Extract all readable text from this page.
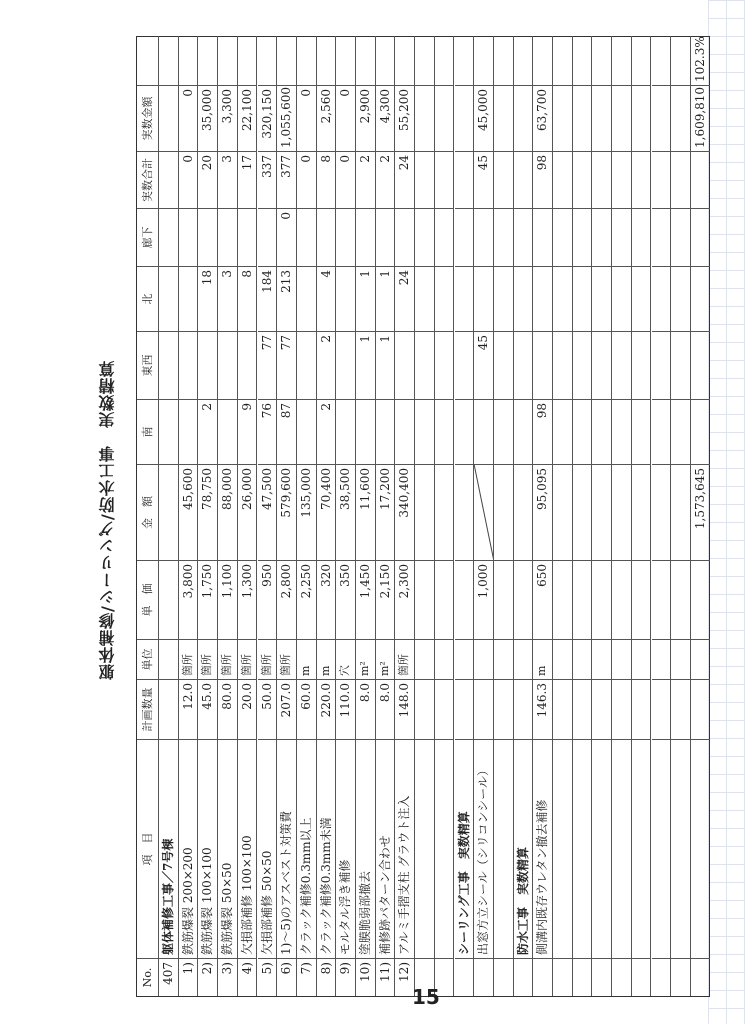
躯体補修/シーリング/防水工事　実数精算
No.
項　目
計画数量
単位
単　価
金　額
南
東西
北
廊下
実数合計
実数金額
407
躯体補修工事／7号棟
1)
鉄筋爆裂 200×200
12.0
箇所
3,800
45,600
0
0
2)
鉄筋爆裂 100×100
45.0
箇所
1,750
78,750
2
18
20
35,000
3)
鉄筋爆裂 50×50
80.0
箇所
1,100
88,000
3
3
3,300
4)
欠損部補修 100×100
20.0
箇所
1,300
26,000
9
8
17
22,100
5)
欠損部補修 50×50
50.0
箇所
950
47,500
76
77
184
337
320,150
6)
1)～5)のアスベスト対策費
207.0
箇所
2,800
579,600
87
77
213
0
377
1,055,600
7)
クラック補修0.3mm以上
60.0
m
2,250
135,000
0
0
8)
クラック補修0.3mm未満
220.0
m
320
70,400
2
2
4
8
2,560
9)
モルタル浮き補修
110.0
穴
350
38,500
0
0
10)
塗膜脆弱部撤去
8.0
m²
1,450
11,600
1
1
2
2,900
11)
補修跡パターン合わせ
8.0
m²
2,150
17,200
1
1
2
4,300
12)
アルミ手摺支柱 グラウト注入
148.0
箇所
2,300
340,400
24
24
55,200
シーリング工事　実数精算 出窓方立シール（シリコンシール）
1,000
45
45
45,000
防水工事　実数精算 側溝内既存ウレタン撤去補修
146.3
m
650
95,095
98
98
63,700
1,573,645
1,609,810
102.3%
15
